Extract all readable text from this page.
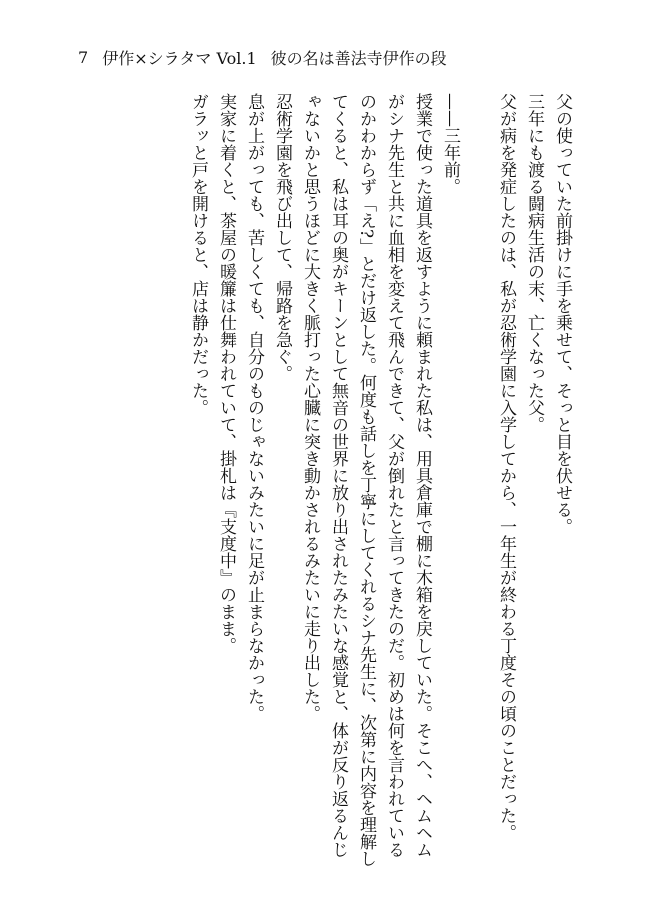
7 伊作×シラタマ Vol.1 彼の名は善法寺伊作の段

父の使っていた前掛けに手を乗せて、そっと目を伏せる。

三年にも渡る闘病生活の末、亡くなった父。

父が病を発症したのは、私が忍術学園に入学してから、一年生が終わる丁度その頃のことだった。

——三年前。

授業で使った道具を返すように頼まれた私は、用具倉庫で棚に木箱を戻していた。そこへ、ヘムヘムがシナ先生と共に血相を変えて飛んできて、父が倒れたと言ってきたのだ。初めは何を言われているのかわからず「え?」とだけ返した。何度も話しを丁寧にしてくれるシナ先生に、次第に内容を理解してくると、私は耳の奥がキーンとして無音の世界に放り出されたみたいな感覚と、体が反り返るんじゃないかと思うほどに大きく脈打った心臓に突き動かされるみたいに走り出した。

忍術学園を飛び出して、帰路を急ぐ。

息が上がっても、苦しくても、自分のものじゃないみたいに足が止まらなかった。

実家に着くと、茶屋の暖簾は仕舞われていて、掛札は『支度中』のまま。

ガラッと戸を開けると、店は静かだった。
